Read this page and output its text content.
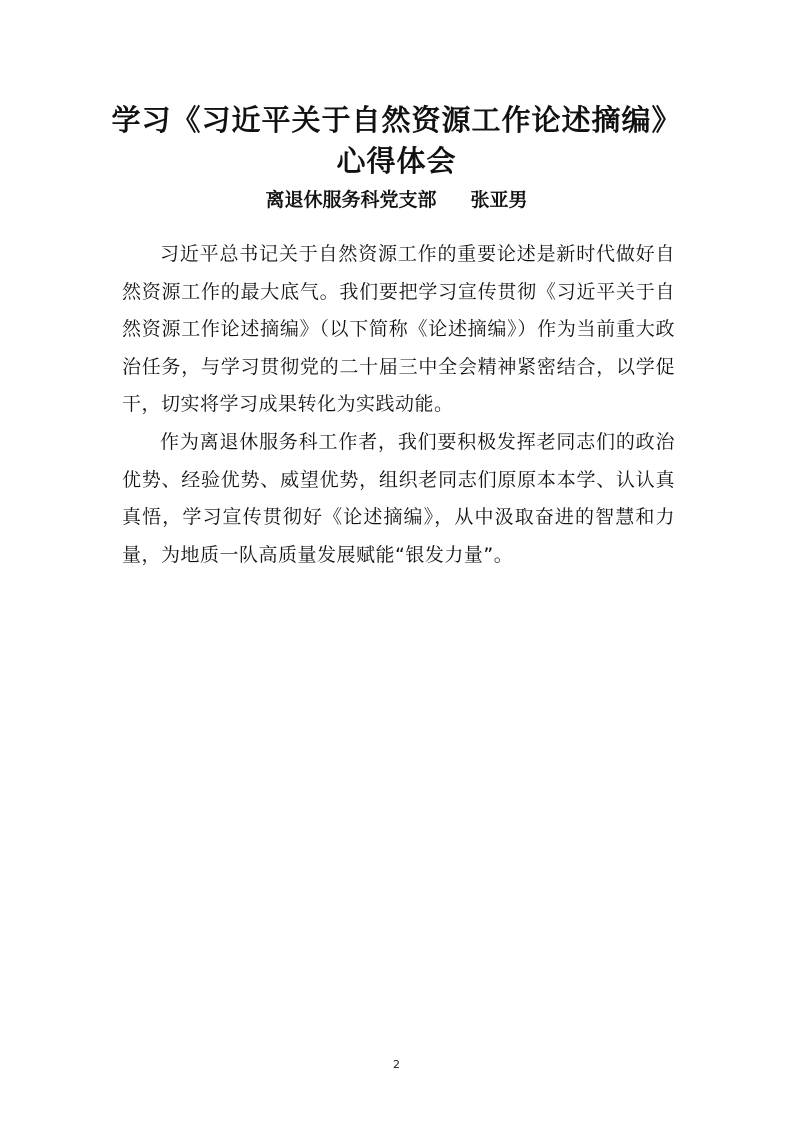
学习《习近平关于自然资源工作论述摘编》
心得体会
离退休服务科党支部 张亚男

习近平总书记关于自然资源工作的重要论述是新时代做好自然资源工作的最大底气。我们要把学习宣传贯彻《习近平关于自然资源工作论述摘编》（以下简称《论述摘编》）作为当前重大政治任务，与学习贯彻党的二十届三中全会精神紧密结合，以学促干，切实将学习成果转化为实践动能。

作为离退休服务科工作者，我们要积极发挥老同志们的政治优势、经验优势、威望优势，组织老同志们原原本本学、认认真真悟，学习宣传贯彻好《论述摘编》，从中汲取奋进的智慧和力量，为地质一队高质量发展赋能“银发力量”。

2
